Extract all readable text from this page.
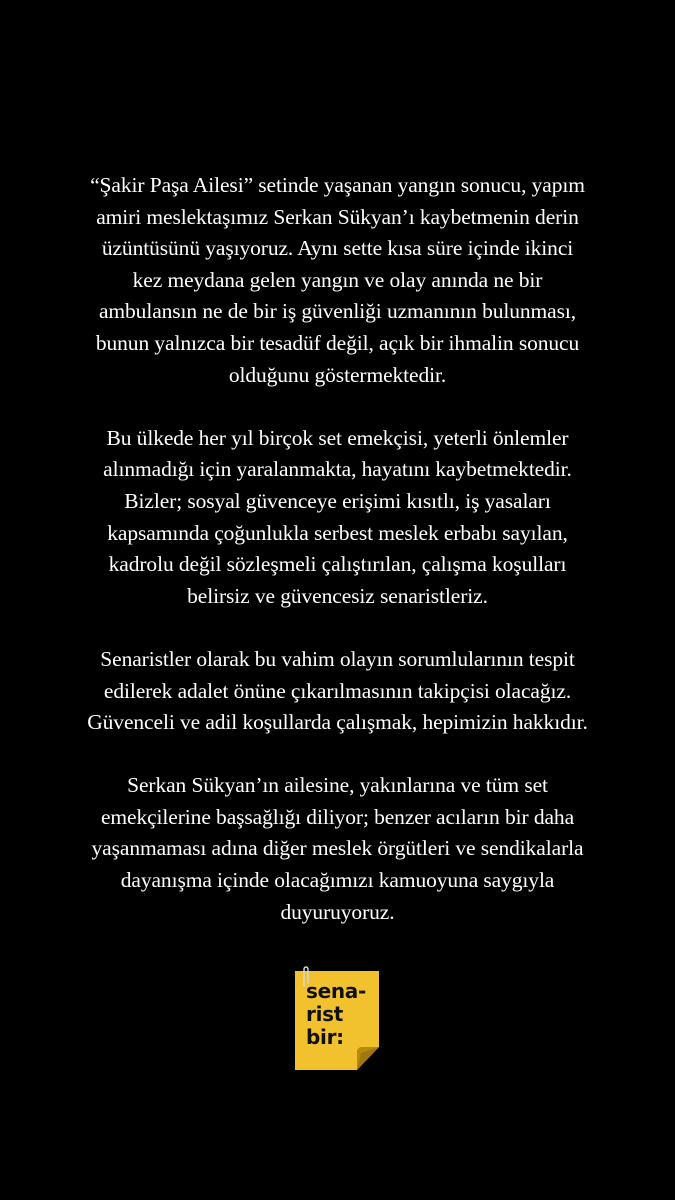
“Şakir Paşa Ailesi” setinde yaşanan yangın sonucu, yapım
amiri meslektaşımız Serkan Sükyan’ı kaybetmenin derin
üzüntüsünü yaşıyoruz. Aynı sette kısa süre içinde ikinci
kez meydana gelen yangın ve olay anında ne bir
ambulansın ne de bir iş güvenliği uzmanının bulunması,
bunun yalnızca bir tesadüf değil, açık bir ihmalin sonucu
olduğunu göstermektedir.

Bu ülkede her yıl birçok set emekçisi, yeterli önlemler
alınmadığı için yaralanmakta, hayatını kaybetmektedir.
Bizler; sosyal güvenceye erişimi kısıtlı, iş yasaları
kapsamında çoğunlukla serbest meslek erbabı sayılan,
kadrolu değil sözleşmeli çalıştırılan, çalışma koşulları
belirsiz ve güvencesiz senaristleriz.

Senaristler olarak bu vahim olayın sorumlularının tespit
edilerek adalet önüne çıkarılmasının takipçisi olacağız.
Güvenceli ve adil koşullarda çalışmak, hepimizin hakkıdır.

Serkan Sükyan’ın ailesine, yakınlarına ve tüm set
emekçilerine başsağlığı diliyor; benzer acıların bir daha
yaşanmaması adına diğer meslek örgütleri ve sendikalarla
dayanışma içinde olacağımızı kamuoyuna saygıyla
duyuruyoruz.

sena-
rist
bir:
